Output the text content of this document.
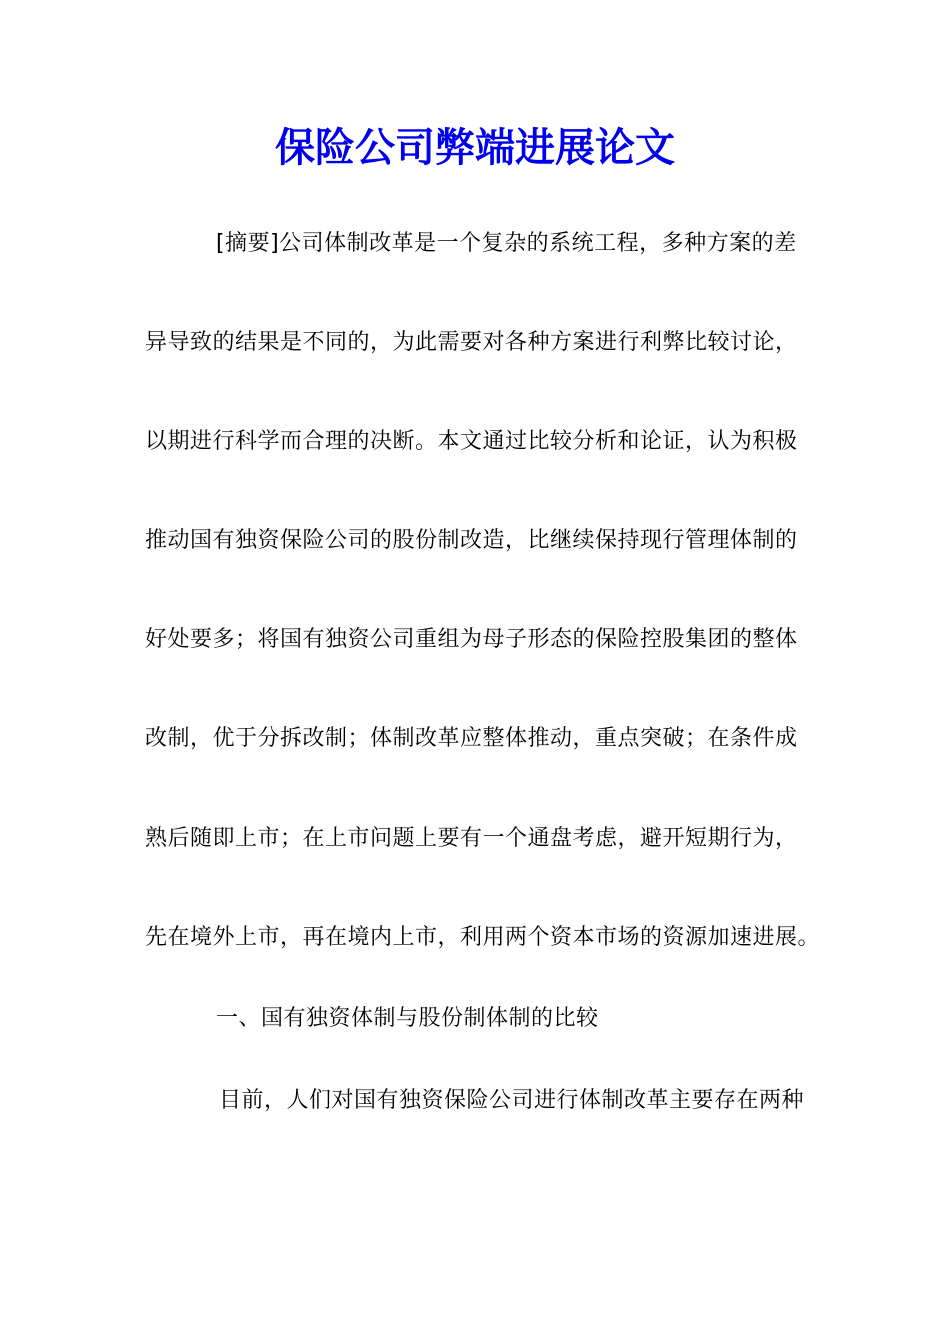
保险公司弊端进展论文

[摘要]公司体制改革是一个复杂的系统工程，多种方案的差

异导致的结果是不同的，为此需要对各种方案进行利弊比较讨论，

以期进行科学而合理的决断。本文通过比较分析和论证，认为积极

推动国有独资保险公司的股份制改造，比继续保持现行管理体制的

好处要多；将国有独资公司重组为母子形态的保险控股集团的整体

改制，优于分拆改制；体制改革应整体推动，重点突破；在条件成

熟后随即上市；在上市问题上要有一个通盘考虑，避开短期行为，

先在境外上市，再在境内上市，利用两个资本市场的资源加速进展。

一、国有独资体制与股份制体制的比较

目前，人们对国有独资保险公司进行体制改革主要存在两种
